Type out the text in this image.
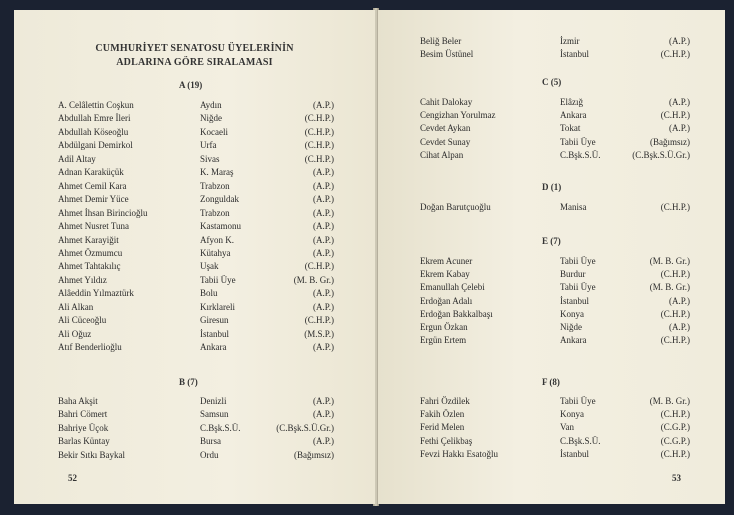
CUMHURİYET SENATOSU ÜYELERİNİN
ADLARINA GÖRE SIRALAMASI
A (19)
A. Celâlettin Coşkun	Aydın	(A.P.)
Abdullah Emre İleri	Niğde	(C.H.P.)
Abdullah Köseoğlu	Kocaeli	(C.H.P.)
Abdülgani Demirkol	Urfa	(C.H.P.)
Adil Altay	Sivas	(C.H.P.)
Adnan Karaküçük	K. Maraş	(A.P.)
Ahmet Cemil Kara	Trabzon	(A.P.)
Ahmet Demir Yüce	Zonguldak	(A.P.)
Ahmet İhsan Birincioğlu	Trabzon	(A.P.)
Ahmet Nusret Tuna	Kastamonu	(A.P.)
Ahmet Karayiğit	Afyon K.	(A.P.)
Ahmet Özmumcu	Kütahya	(A.P.)
Ahmet Tahtakılıç	Uşak	(C.H.P.)
Ahmet Yıldız	Tabii Üye	(M. B. Gr.)
Alâeddin Yılmaztürk	Bolu	(A.P.)
Ali Alkan	Kırklareli	(A.P.)
Ali Cüceoğlu	Giresun	(C.H.P.)
Ali Oğuz	İstanbul	(M.S.P.)
Atıf Benderlioğlu	Ankara	(A.P.)
B (7)
Baha Akşit	Denizli	(A.P.)
Bahri Cömert	Samsun	(A.P.)
Bahriye Üçok	C.Bşk.S.Ü.	(C.Bşk.S.Ü.Gr.)
Barlas Küntay	Bursa	(A.P.)
Bekir Sıtkı Baykal	Ordu	(Bağımsız)
52
Beliğ Beler	İzmir	(A.P.)
Besim Üstünel	İstanbul	(C.H.P.)
C (5)
Cahit Dalokay	Elâzığ	(A.P.)
Cengizhan Yorulmaz	Ankara	(C.H.P.)
Cevdet Aykan	Tokat	(A.P.)
Cevdet Sunay	Tabii Üye	(Bağımsız)
Cihat Alpan	C.Bşk.S.Ü.	(C.Bşk.S.Ü.Gr.)
D (1)
Doğan Barutçuoğlu	Manisa	(C.H.P.)
E (7)
Ekrem Acuner	Tabii Üye	(M. B. Gr.)
Ekrem Kabay	Burdur	(C.H.P.)
Emanullah Çelebi	Tabii Üye	(M. B. Gr.)
Erdoğan Adalı	İstanbul	(A.P.)
Erdoğan Bakkalbaşı	Konya	(C.H.P.)
Ergun Özkan	Niğde	(A.P.)
Ergün Ertem	Ankara	(C.H.P.)
F (8)
Fahri Özdilek	Tabii Üye	(M. B. Gr.)
Fakih Özlen	Konya	(C.H.P.)
Ferid Melen	Van	(C.G.P.)
Fethi Çelikbaş	C.Bşk.S.Ü.	(C.G.P.)
Fevzi Hakkı Esatoğlu	İstanbul	(C.H.P.)
53
